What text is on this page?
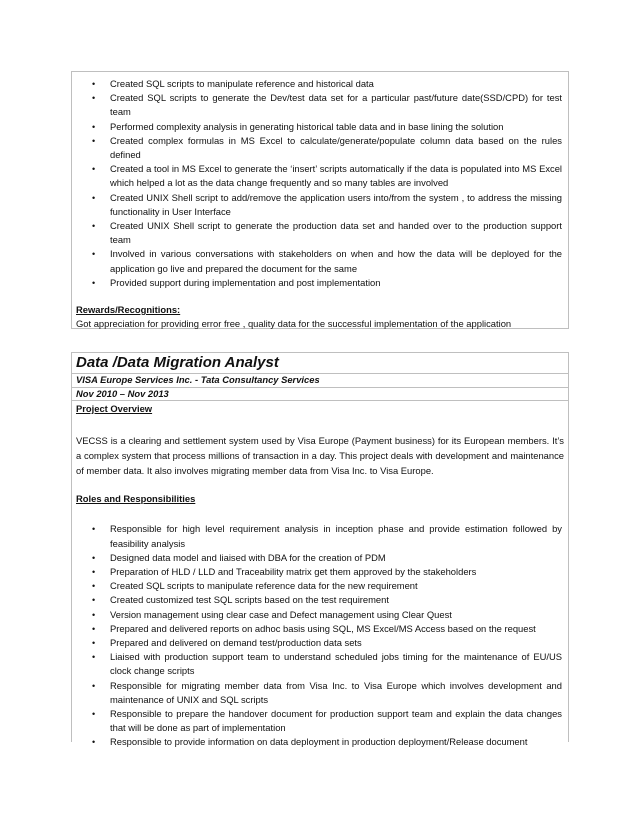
• Created SQL scripts to manipulate reference and historical data
• Created SQL scripts to generate the Dev/test data set for a particular past/future date(SSD/CPD) for test team
• Performed complexity analysis in generating historical table data and in base lining the solution
• Created complex formulas in MS Excel to calculate/generate/populate column data based on the rules defined
• Created a tool in MS Excel to generate the ‘insert’ scripts automatically if the data is populated into MS Excel which helped a lot as the data change frequently and so many tables are involved
• Created UNIX Shell script to add/remove the application users into/from the system , to address the missing functionality in User Interface
• Created UNIX Shell script to generate the production data set and handed over to the production support team
• Involved in various conversations with stakeholders on when and how the data will be deployed for the application go live and prepared the document for the same
• Provided support during implementation and post implementation
Rewards/Recognitions:
Got appreciation for providing error free , quality data for the successful implementation of the application
Data /Data Migration Analyst
VISA Europe Services Inc. - Tata Consultancy Services
Nov 2010 – Nov 2013
Project Overview
VECSS is a clearing and settlement system used by Visa Europe (Payment business) for its European members. It’s a complex system that process millions of transaction in a day. This project deals with development and maintenance of member data. It also involves migrating member data from Visa Inc. to Visa Europe.
Roles and Responsibilities
• Responsible for high level requirement analysis in inception phase and provide estimation followed by feasibility analysis
• Designed data model and liaised with DBA for the creation of PDM
• Preparation of HLD / LLD and Traceability matrix get them approved by the stakeholders
• Created SQL scripts to manipulate reference data for the new requirement
• Created customized test SQL scripts based on the test requirement
• Version management using clear case and Defect management using Clear Quest
• Prepared and delivered reports on adhoc basis using SQL, MS Excel/MS Access based on the request
• Prepared and delivered on demand test/production data sets
• Liaised with production support team to understand scheduled jobs timing for the maintenance of EU/US clock change scripts
• Responsible for migrating member data from Visa Inc. to Visa Europe which involves development and maintenance of UNIX and SQL scripts
• Responsible to prepare the handover document for production support team and explain the data changes that will be done as part of implementation
• Responsible to provide information on data deployment in production deployment/Release document
